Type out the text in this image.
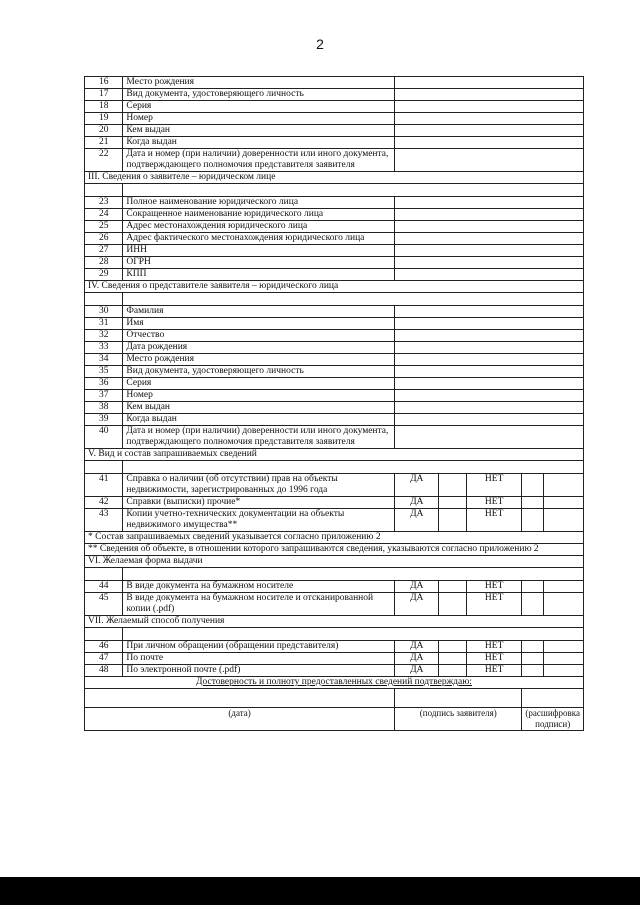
2
16	Место рождения					
17	Вид документа, удостоверяющего личность					
18	Серия					
19	Номер					
20	Кем выдан					
21	Когда выдан					
22	Дата и номер (при наличии) доверенности или иного документа, подтверждающего полномочия представителя заявителя					
III. Сведения о заявителе – юридическом лице						

23	Полное наименование юридического лица					
24	Сокращенное наименование юридического лица					
25	Адрес местонахождения юридического лица					
26	Адрес фактического местонахождения юридического лица					
27	ИНН					
28	ОГРН					
29	КПП					
IV. Сведения о представителе заявителя – юридического лица						

30	Фамилия					
31	Имя					
32	Отчество					
33	Дата рождения					
34	Место рождения					
35	Вид документа, удостоверяющего личность					
36	Серия					
37	Номер					
38	Кем выдан					
39	Когда выдан					
40	Дата и номер (при наличии) доверенности или иного документа, подтверждающего полномочия представителя заявителя					
V. Вид и состав запрашиваемых сведений						

41	Справка о наличии (об отсутствии) прав на объекты недвижимости, зарегистрированных до 1996 года	ДА		НЕТ		
42	Справки (выписки) прочие*	ДА		НЕТ		
43	Копии учетно-технических документации на объекты недвижимого имущества**	ДА		НЕТ		
* Состав запрашиваемых сведений указывается согласно приложению 2						
** Сведения об объекте, в отношении которого запрашиваются сведения, указываются согласно приложению 2						
VI. Желаемая форма выдачи						

44	В виде документа на бумажном носителе	ДА		НЕТ		
45	В виде документа на бумажном носителе и отсканированной копии (.pdf)	ДА		НЕТ		
VII. Желаемый способ получения						

46	При личном обращении (обращении представителя)	ДА		НЕТ		
47	По почте	ДА		НЕТ		
48	По электронной почте (.pdf)	ДА		НЕТ		
Достоверность и полноту предоставленных сведений подтверждаю:						

(дата)		(подпись заявителя)			(расшифровка подписи)	
